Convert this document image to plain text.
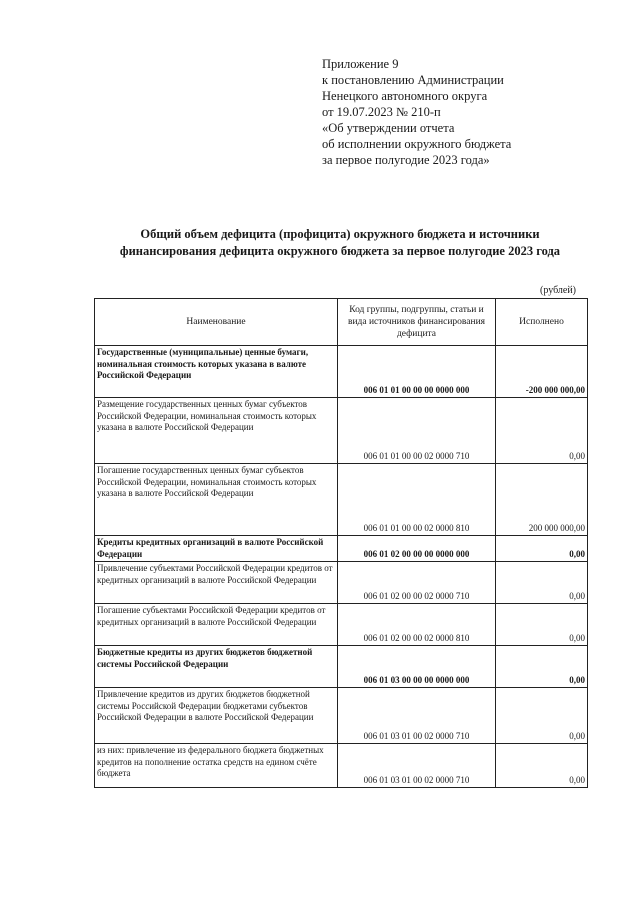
Приложение 9
к постановлению Администрации
Ненецкого автономного округа
от 19.07.2023 № 210-п
«Об утверждении отчета
об исполнении окружного бюджета
за первое полугодие 2023 года»
Общий объем дефицита (профицита) окружного бюджета и источники
финансирования дефицита окружного бюджета за первое полугодие 2023 года
(рублей)
Наименование	Код группы, подгруппы, статьи и вида источников финансирования дефицита	Исполнено
Государственные (муниципальные) ценные бумаги, номинальная стоимость которых указана в валюте Российской Федерации	006 01 01 00 00 00 0000 000	-200 000 000,00
Размещение государственных ценных бумаг субъектов Российской Федерации, номинальная стоимость которых указана в валюте Российской Федерации	006 01 01 00 00 02 0000 710	0,00
Погашение государственных ценных бумаг субъектов Российской Федерации, номинальная стоимость которых указана в валюте Российской Федерации	006 01 01 00 00 02 0000 810	200 000 000,00
Кредиты кредитных организаций в валюте Российской Федерации	006 01 02 00 00 00 0000 000	0,00
Привлечение субъектами Российской Федерации кредитов от кредитных организаций в валюте Российской Федерации	006 01 02 00 00 02 0000 710	0,00
Погашение субъектами Российской Федерации кредитов от кредитных организаций в валюте Российской Федерации	006 01 02 00 00 02 0000 810	0,00
Бюджетные кредиты из других бюджетов бюджетной системы Российской Федерации	006 01 03 00 00 00 0000 000	0,00
Привлечение кредитов из других бюджетов бюджетной системы Российской Федерации бюджетами субъектов Российской Федерации в валюте Российской Федерации	006 01 03 01 00 02 0000 710	0,00
из них: привлечение из федерального бюджета бюджетных кредитов на пополнение остатка средств на едином счёте бюджета	006 01 03 01 00 02 0000 710	0,00
